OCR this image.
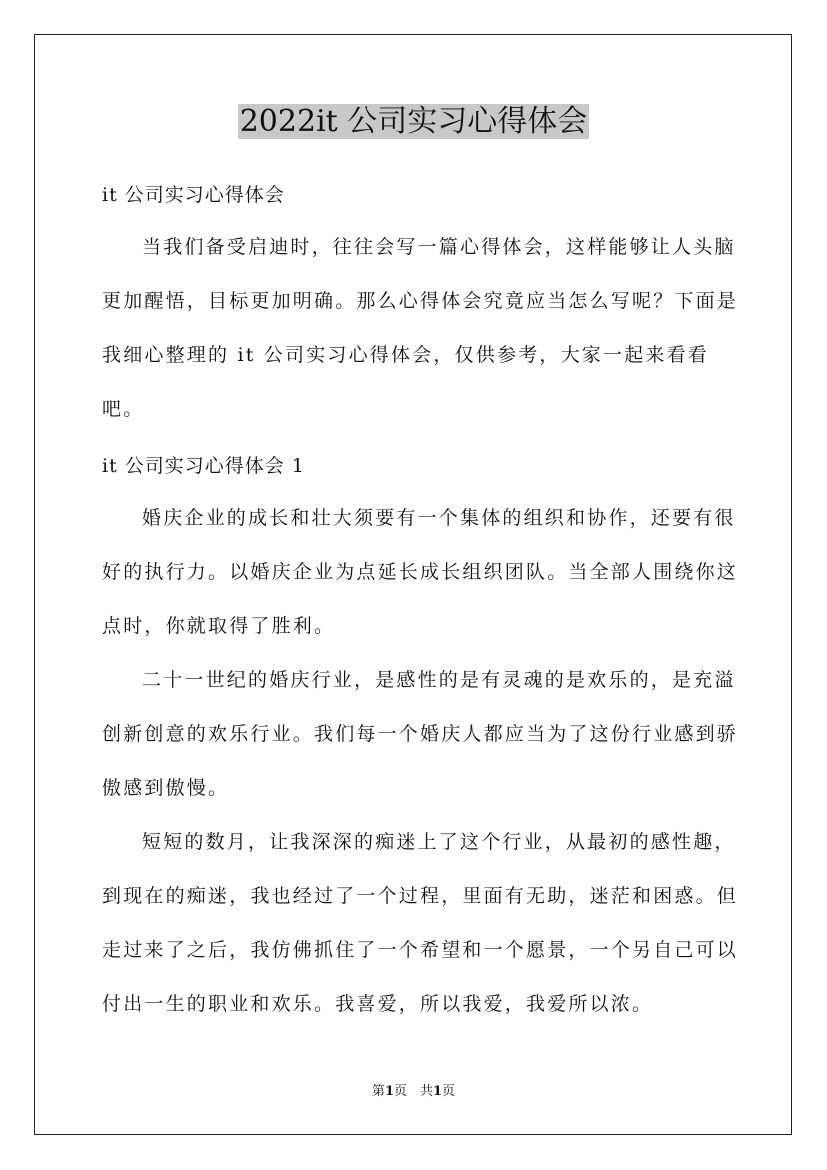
2022it 公司实习心得体会
it 公司实习心得体会

当我们备受启迪时，往往会写一篇心得体会，这样能够让人头脑更加醒悟，目标更加明确。那么心得体会究竟应当怎么写呢？下面是我细心整理的 it 公司实习心得体会，仅供参考，大家一起来看看吧。

it 公司实习心得体会 1

婚庆企业的成长和壮大须要有一个集体的组织和协作，还要有很好的执行力。以婚庆企业为点延长成长组织团队。当全部人围绕你这点时，你就取得了胜利。

二十一世纪的婚庆行业，是感性的是有灵魂的是欢乐的，是充溢创新创意的欢乐行业。我们每一个婚庆人都应当为了这份行业感到骄傲感到傲慢。

短短的数月，让我深深的痴迷上了这个行业，从最初的感性趣，到现在的痴迷，我也经过了一个过程，里面有无助，迷茫和困惑。但走过来了之后，我仿佛抓住了一个希望和一个愿景，一个另自己可以付出一生的职业和欢乐。我喜爱，所以我爱，我爱所以浓。

第1页　共1页
